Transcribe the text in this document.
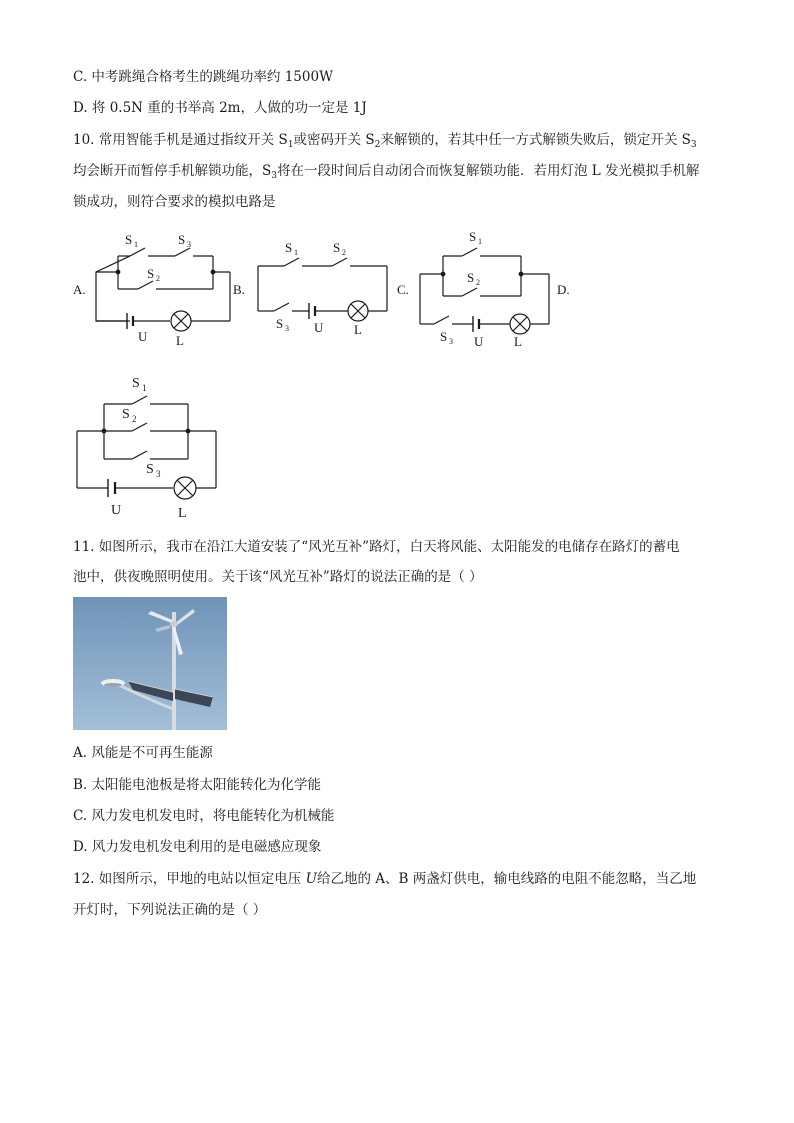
C. 中考跳绳合格考生的跳绳功率约 1500W
D. 将 0.5N 重的书举高 2m，人做的功一定是 1J
10. 常用智能手机是通过指纹开关 $S_1$或密码开关 $S_2$来解锁的，若其中任一方式解锁失败后，锁定开关 $S_3$
均会断开而暂停手机解锁功能，$S_3$将在一段时间后自动闭合而恢复解锁功能．若用灯泡 L 发光模拟手机解
锁成功，则符合要求的模拟电路是
A.
S 1	S 3
S 2
U L
B.
S 1	S 2
S 3 U L
C.
S 1
S 2
S 3 U L
D.
S 1
S 2
S 3
U	L
11. 如图所示，我市在沿江大道安装了“风光互补”路灯，白天将风能、太阳能发的电储存在路灯的蓄电
池中，供夜晚照明使用。关于该“风光互补”路灯的说法正确的是（ ）
A. 风能是不可再生能源
B. 太阳能电池板是将太阳能转化为化学能
C. 风力发电机发电时，将电能转化为机械能
D. 风力发电机发电利用的是电磁感应现象
12. 如图所示，甲地的电站以恒定电压 U给乙地的 A、B 两盏灯供电，输电线路的电阻不能忽略，当乙地
开灯时，下列说法正确的是（ ）
